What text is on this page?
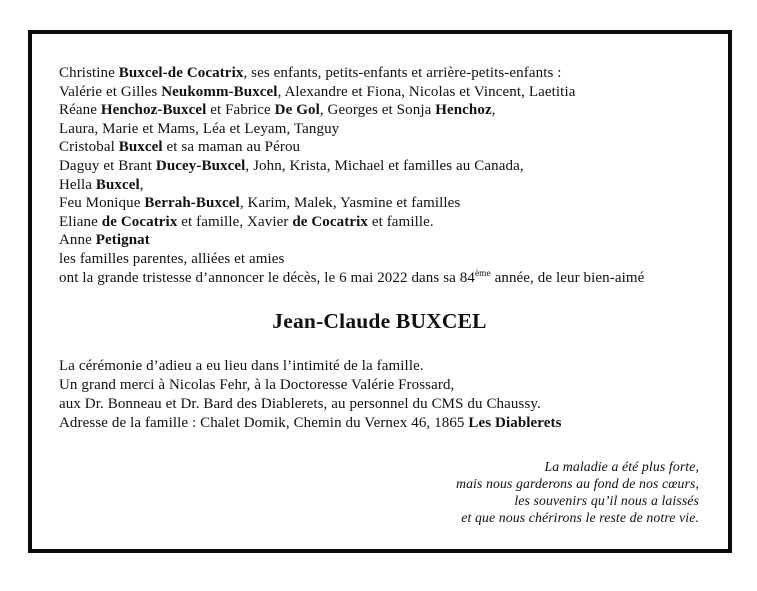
Christine Buxcel-de Cocatrix, ses enfants, petits-enfants et arrière-petits-enfants :
Valérie et Gilles Neukomm-Buxcel, Alexandre et Fiona, Nicolas et Vincent, Laetitia
Réane Henchoz-Buxcel et Fabrice De Gol, Georges et Sonja Henchoz,
Laura, Marie et Mams, Léa et Leyam, Tanguy
Cristobal Buxcel et sa maman au Pérou
Daguy et Brant Ducey-Buxcel, John, Krista, Michael et familles au Canada,
Hella Buxcel,
Feu Monique Berrah-Buxcel, Karim, Malek, Yasmine et familles
Eliane de Cocatrix et famille, Xavier de Cocatrix et famille.
Anne Petignat
les familles parentes, alliées et amies
ont la grande tristesse d’annoncer le décès, le 6 mai 2022 dans sa 84ème année, de leur bien-aimé
Jean-Claude BUXCEL
La cérémonie d’adieu a eu lieu dans l’intimité de la famille.
Un grand merci à Nicolas Fehr, à la Doctoresse Valérie Frossard,
aux Dr. Bonneau et Dr. Bard des Diablerets, au personnel du CMS du Chaussy.
Adresse de la famille : Chalet Domik, Chemin du Vernex 46, 1865 Les Diablerets
La maladie a été plus forte,
mais nous garderons au fond de nos cœurs,
les souvenirs qu’il nous a laissés
et que nous chérirons le reste de notre vie.
